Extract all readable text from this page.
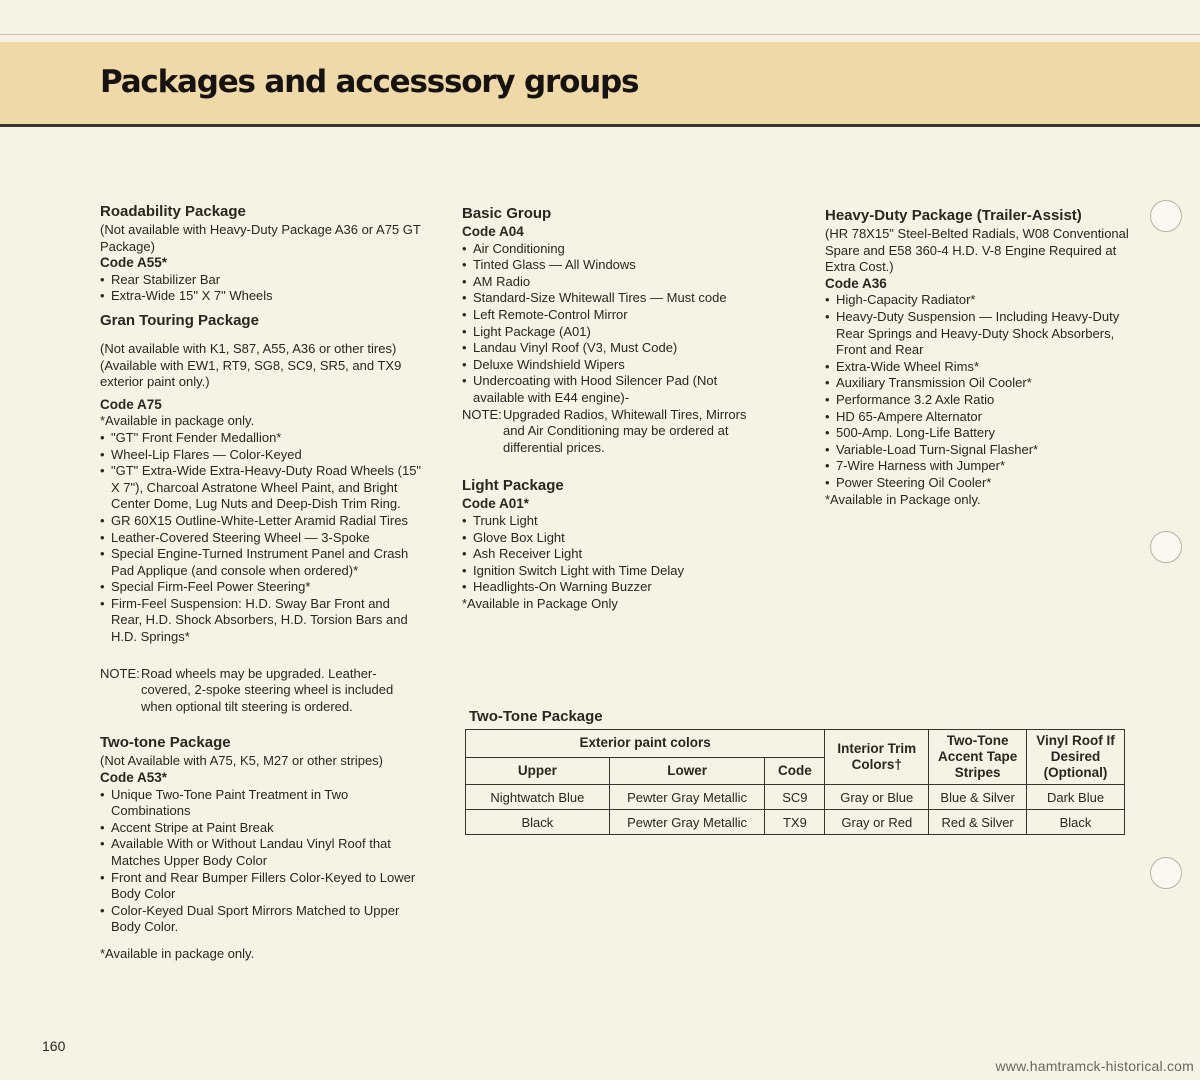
Packages and accesssory groups
Roadability Package

(Not available with Heavy-Duty Package A36 or A75 GT Package)

Code A55*
• Rear Stabilizer Bar
• Extra-Wide 15" X 7" Wheels
Gran Touring Package

(Not available with K1, S87, A55, A36 or other tires) (Available with EW1, RT9, SG8, SC9, SR5, and TX9 exterior paint only.)

Code A75
*Available in package only.
• "GT" Front Fender Medallion*
• Wheel-Lip Flares — Color-Keyed
• "GT" Extra-Wide Extra-Heavy-Duty Road Wheels (15" X 7"), Charcoal Astratone Wheel Paint, and Bright Center Dome, Lug Nuts and Deep-Dish Trim Ring.
• GR 60X15 Outline-White-Letter Aramid Radial Tires
• Leather-Covered Steering Wheel — 3-Spoke
• Special Engine-Turned Instrument Panel and Crash Pad Applique (and console when ordered)*
• Special Firm-Feel Power Steering*
• Firm-Feel Suspension: H.D. Sway Bar Front and Rear, H.D. Shock Absorbers, H.D. Torsion Bars and H.D. Springs*
NOTE: Road wheels may be upgraded. Leather-covered, 2-spoke steering wheel is included when optional tilt steering is ordered.
Two-tone Package

(Not Available with A75, K5, M27 or other stripes)

Code A53*
• Unique Two-Tone Paint Treatment in Two Combinations
• Accent Stripe at Paint Break
• Available With or Without Landau Vinyl Roof that Matches Upper Body Color
• Front and Rear Bumper Fillers Color-Keyed to Lower Body Color
• Color-Keyed Dual Sport Mirrors Matched to Upper Body Color.
*Available in package only.
Basic Group
Code A04
• Air Conditioning
• Tinted Glass — All Windows
• AM Radio
• Standard-Size Whitewall Tires — Must code
• Left Remote-Control Mirror
• Light Package (A01)
• Landau Vinyl Roof (V3, Must Code)
• Deluxe Windshield Wipers
• Undercoating with Hood Silencer Pad (Not available with E44 engine)-
NOTE: Upgraded Radios, Whitewall Tires, Mirrors and Air Conditioning may be ordered at differential prices.
Light Package
Code A01*
• Trunk Light
• Glove Box Light
• Ash Receiver Light
• Ignition Switch Light with Time Delay
• Headlights-On Warning Buzzer
*Available in Package Only
Heavy-Duty Package (Trailer-Assist)

(HR 78X15" Steel-Belted Radials, W08 Conventional Spare and E58 360-4 H.D. V-8 Engine Required at Extra Cost.)

Code A36
• High-Capacity Radiator*
• Heavy-Duty Suspension — Including Heavy-Duty Rear Springs and Heavy-Duty Shock Absorbers, Front and Rear
• Extra-Wide Wheel Rims*
• Auxiliary Transmission Oil Cooler*
• Performance 3.2 Axle Ratio
• HD 65-Ampere Alternator
• 500-Amp. Long-Life Battery
• Variable-Load Turn-Signal Flasher*
• 7-Wire Harness with Jumper*
• Power Steering Oil Cooler*
*Available in Package only.
Two-Tone Package
Exterior paint colors			Interior Trim Colors†	Two-Tone Accent Tape Stripes	Vinyl Roof If Desired (Optional)
Upper	Lower	Code			
Nightwatch Blue	Pewter Gray Metallic	SC9	Gray or Blue	Blue & Silver	Dark Blue
Black	Pewter Gray Metallic	TX9	Gray or Red	Red & Silver	Black
160
www.hamtramck-historical.com
